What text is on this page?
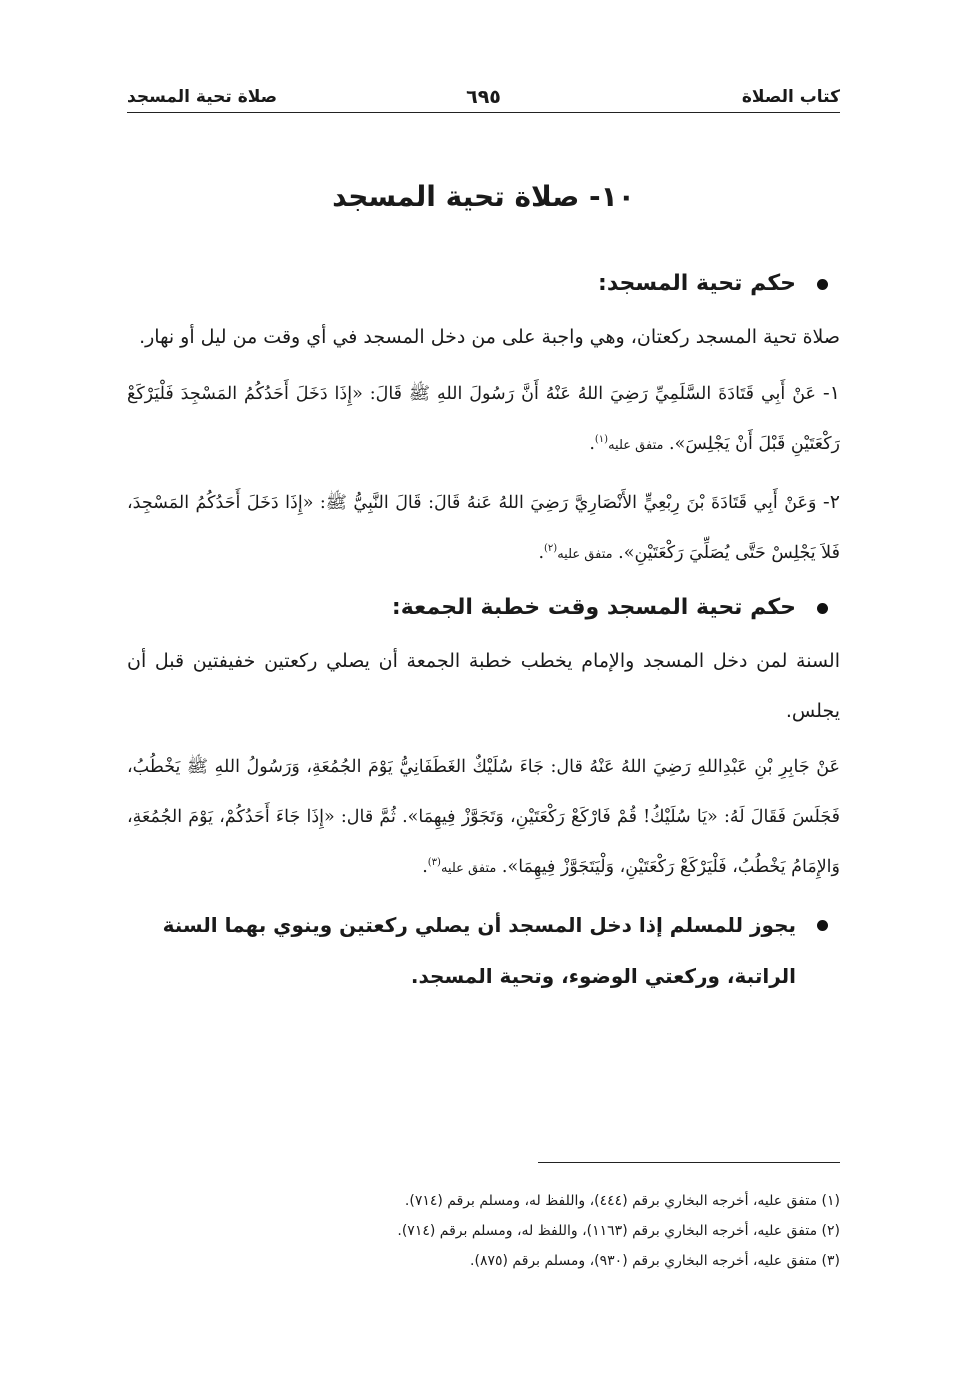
كتاب الصلاة
٦٩٥
صلاة تحية المسجد
١٠- صلاة تحية المسجد
حكم تحية المسجد:

صلاة تحية المسجد ركعتان، وهي واجبة على من دخل المسجد في أي وقت من ليل أو نهار.

١- عَنْ أَبِي قَتَادَةَ السَّلَمِيِّ رَضِيَ اللهُ عَنْهُ أَنَّ رَسُولَ اللهِ ﷺ قَالَ: «إِذَا دَخَلَ أَحَدُكُمُ المَسْجِدَ فَلْيَرْكَعْ رَكْعَتَيْنِ قَبْلَ أَنْ يَجْلِسَ». متفق عليه$^{(١)}$.

٢- وَعَنْ أَبِي قَتَادَةَ بْنَ رِبْعِيٍّ الأَنْصَارِيَّ رَضِيَ اللهُ عَنهُ قَالَ: قَالَ النَّبِيُّ ﷺ: «إِذَا دَخَلَ أَحَدُكُمُ المَسْجِدَ، فَلاَ يَجْلِسْ حَتَّى يُصَلِّيَ رَكْعَتَيْنِ». متفق عليه$^{(٢)}$.

حكم تحية المسجد وقت خطبة الجمعة:

السنة لمن دخل المسجد والإمام يخطب خطبة الجمعة أن يصلي ركعتين خفيفتين قبل أن يجلس.

عَنْ جَابِرِ بْنِ عَبْدِاللهِ رَضِيَ اللهُ عَنْهُ قال: جَاءَ سُلَيْكٌ الغَطَفَانِيُّ يَوْمَ الجُمُعَةِ، وَرَسُولُ اللهِ ﷺ يَخْطُبُ، فَجَلَسَ فَقَالَ لَهُ: «يَا سُلَيْكُ! قُمْ فَارْكَعْ رَكْعَتَيْنِ، وَتَجَوَّزْ فِيهِمَا». ثُمَّ قال: «إِذَا جَاءَ أَحَدُكُمْ، يَوْمَ الجُمُعَةِ، وَالإِمَامُ يَخْطُبُ، فَلْيَرْكَعْ رَكْعَتَيْنِ، وَلْيَتَجَوَّزْ فِيهِمَا». متفق عليه$^{(٣)}$.

يجوز للمسلم إذا دخل المسجد أن يصلي ركعتين وينوي بهما السنة الراتبة، وركعتي الوضوء، وتحية المسجد.

(١) متفق عليه، أخرجه البخاري برقم (٤٤٤)، واللفظ له، ومسلم برقم (٧١٤).

(٢) متفق عليه، أخرجه البخاري برقم (١١٦٣)، واللفظ له، ومسلم برقم (٧١٤).

(٣) متفق عليه، أخرجه البخاري برقم (٩٣٠)، ومسلم برقم (٨٧٥).
